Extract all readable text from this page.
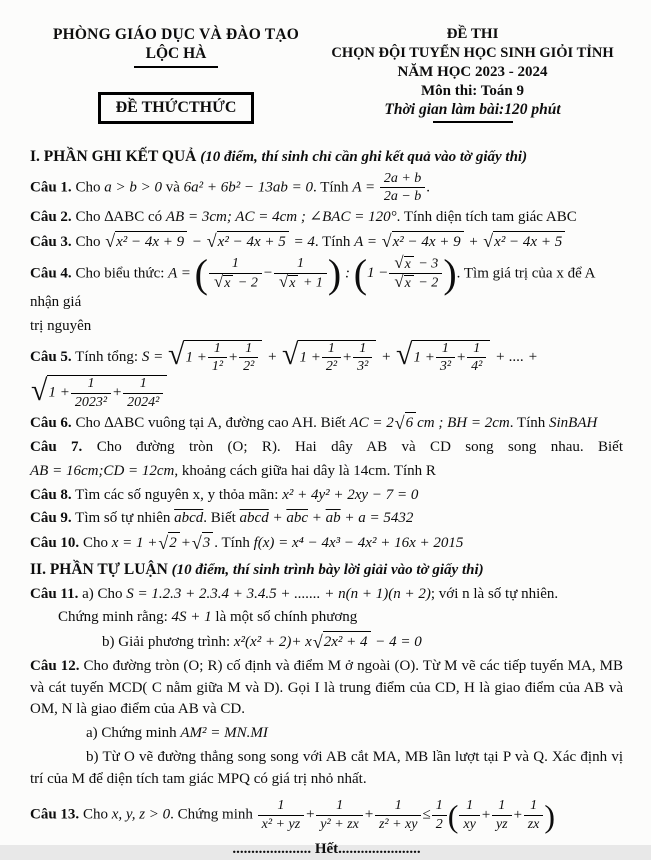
PHÒNG GIÁO DỤC VÀ ĐÀO TẠO
LỘC HÀ
ĐỀ THỨCTHỨC
ĐỀ THI
CHỌN ĐỘI TUYỂN HỌC SINH GIỎI TỈNH
NĂM HỌC 2023 - 2024
Môn thi: Toán 9
Thời gian làm bài:120 phút
I. PHẦN GHI KẾT QUẢ (10 điểm, thí sinh chỉ cần ghi kết quả vào tờ giấy thi)

Câu 1. Cho a > b > 0 và 6a² + 6b² − 13ab = 0. Tính $A = \frac{2a + b}{2a - b}$ .

Câu 2. Cho ∆ABC có AB = 3cm; AC = 4cm ; ∠BAC = 120°. Tính diện tích tam giác ABC

Câu 3. Cho √ x² − 4x + 9 − √ x² − 4x + 5 = 4. Tính A = √ x² − 4x + 9 + √ x² − 4x + 5

Câu 4. Cho biểu thức: A = ( 1
√ x − 2 − 1
√ x + 1
) : ( 1 − √ x − 3
√ x − 2
) . Tìm giá trị của x để A nhận giá

trị nguyên

Câu 5. Tính tổng: S = √ $1 + \frac{1}{\text{1²}} + \frac{1}{\text{2²}}$ + √ $1 + \frac{1}{\text{2²}} + \frac{1}{\text{3²}}$ + √ $1 + \frac{1}{\text{3²}} + \frac{1}{\text{4²}}$ + .... +
√ $1 + \frac{1}{\text{2023²}} + \frac{1}{\text{2024²}}$

Câu 6. Cho ∆ABC vuông tại A, đường cao AH. Biết AC = 2 √ 6 cm ; BH = 2cm. Tính SinBAH

Câu 7. Cho đường tròn (O; R). Hai dây AB và CD song song nhau. Biết
AB = 16cm;CD = 12cm, khoảng cách giữa hai dây là 14cm. Tính R

Câu 8. Tìm các số nguyên x, y thỏa mãn: x² + 4y² + 2xy − 7 = 0

Câu 9. Tìm số tự nhiên abcd. Biết abcd + $\overline{abc} + \overline{ab} + a = 5432$

Câu 10. Cho x = 1 + √ 2 + √ 3 . Tính f(x) = x⁴ − 4x³ − 4x² + 16x + 2015

II. PHẦN TỰ LUẬN (10 điểm, thí sinh trình bày lời giải vào tờ giấy thi)

Câu 11. a) Cho S = 1.2.3 + 2.3.4 + 3.4.5 + ....... + n(n + 1)(n + 2); với n là số tự nhiên.

Chứng minh rằng: 4S + 1 là một số chính phương

b) Giải phương trình: x²(x² + 2)+ x √ 2x² + 4 − 4 = 0

Câu 12. Cho đường tròn (O; R) cố định và điểm M ở ngoài (O). Từ M vẽ các tiếp tuyến MA, MB và cát tuyến MCD( C nằm giữa M và D). Gọi I là trung điểm của CD, H là giao điểm của AB và OM, N là giao điểm của AB và CD.

a) Chứng minh AM² = MN.MI

b) Từ O vẽ đường thẳng song song với AB cắt MA, MB lần lượt tại P và Q. Xác định vị trí của M để diện tích tam giác MPQ có giá trị nhỏ nhất.

Câu 13. Cho x, y, z > 0. Chứng minh $\frac{1}{\text{x² + yz}} + \frac{1}{\text{y² + zx}} + \frac{1}{\text{z² + xy}} \le \frac{1}{2}$ ( $\frac{1}{xy} + \frac{1}{yz} + \frac{1}{zx}$
)

..................... Hết......................
